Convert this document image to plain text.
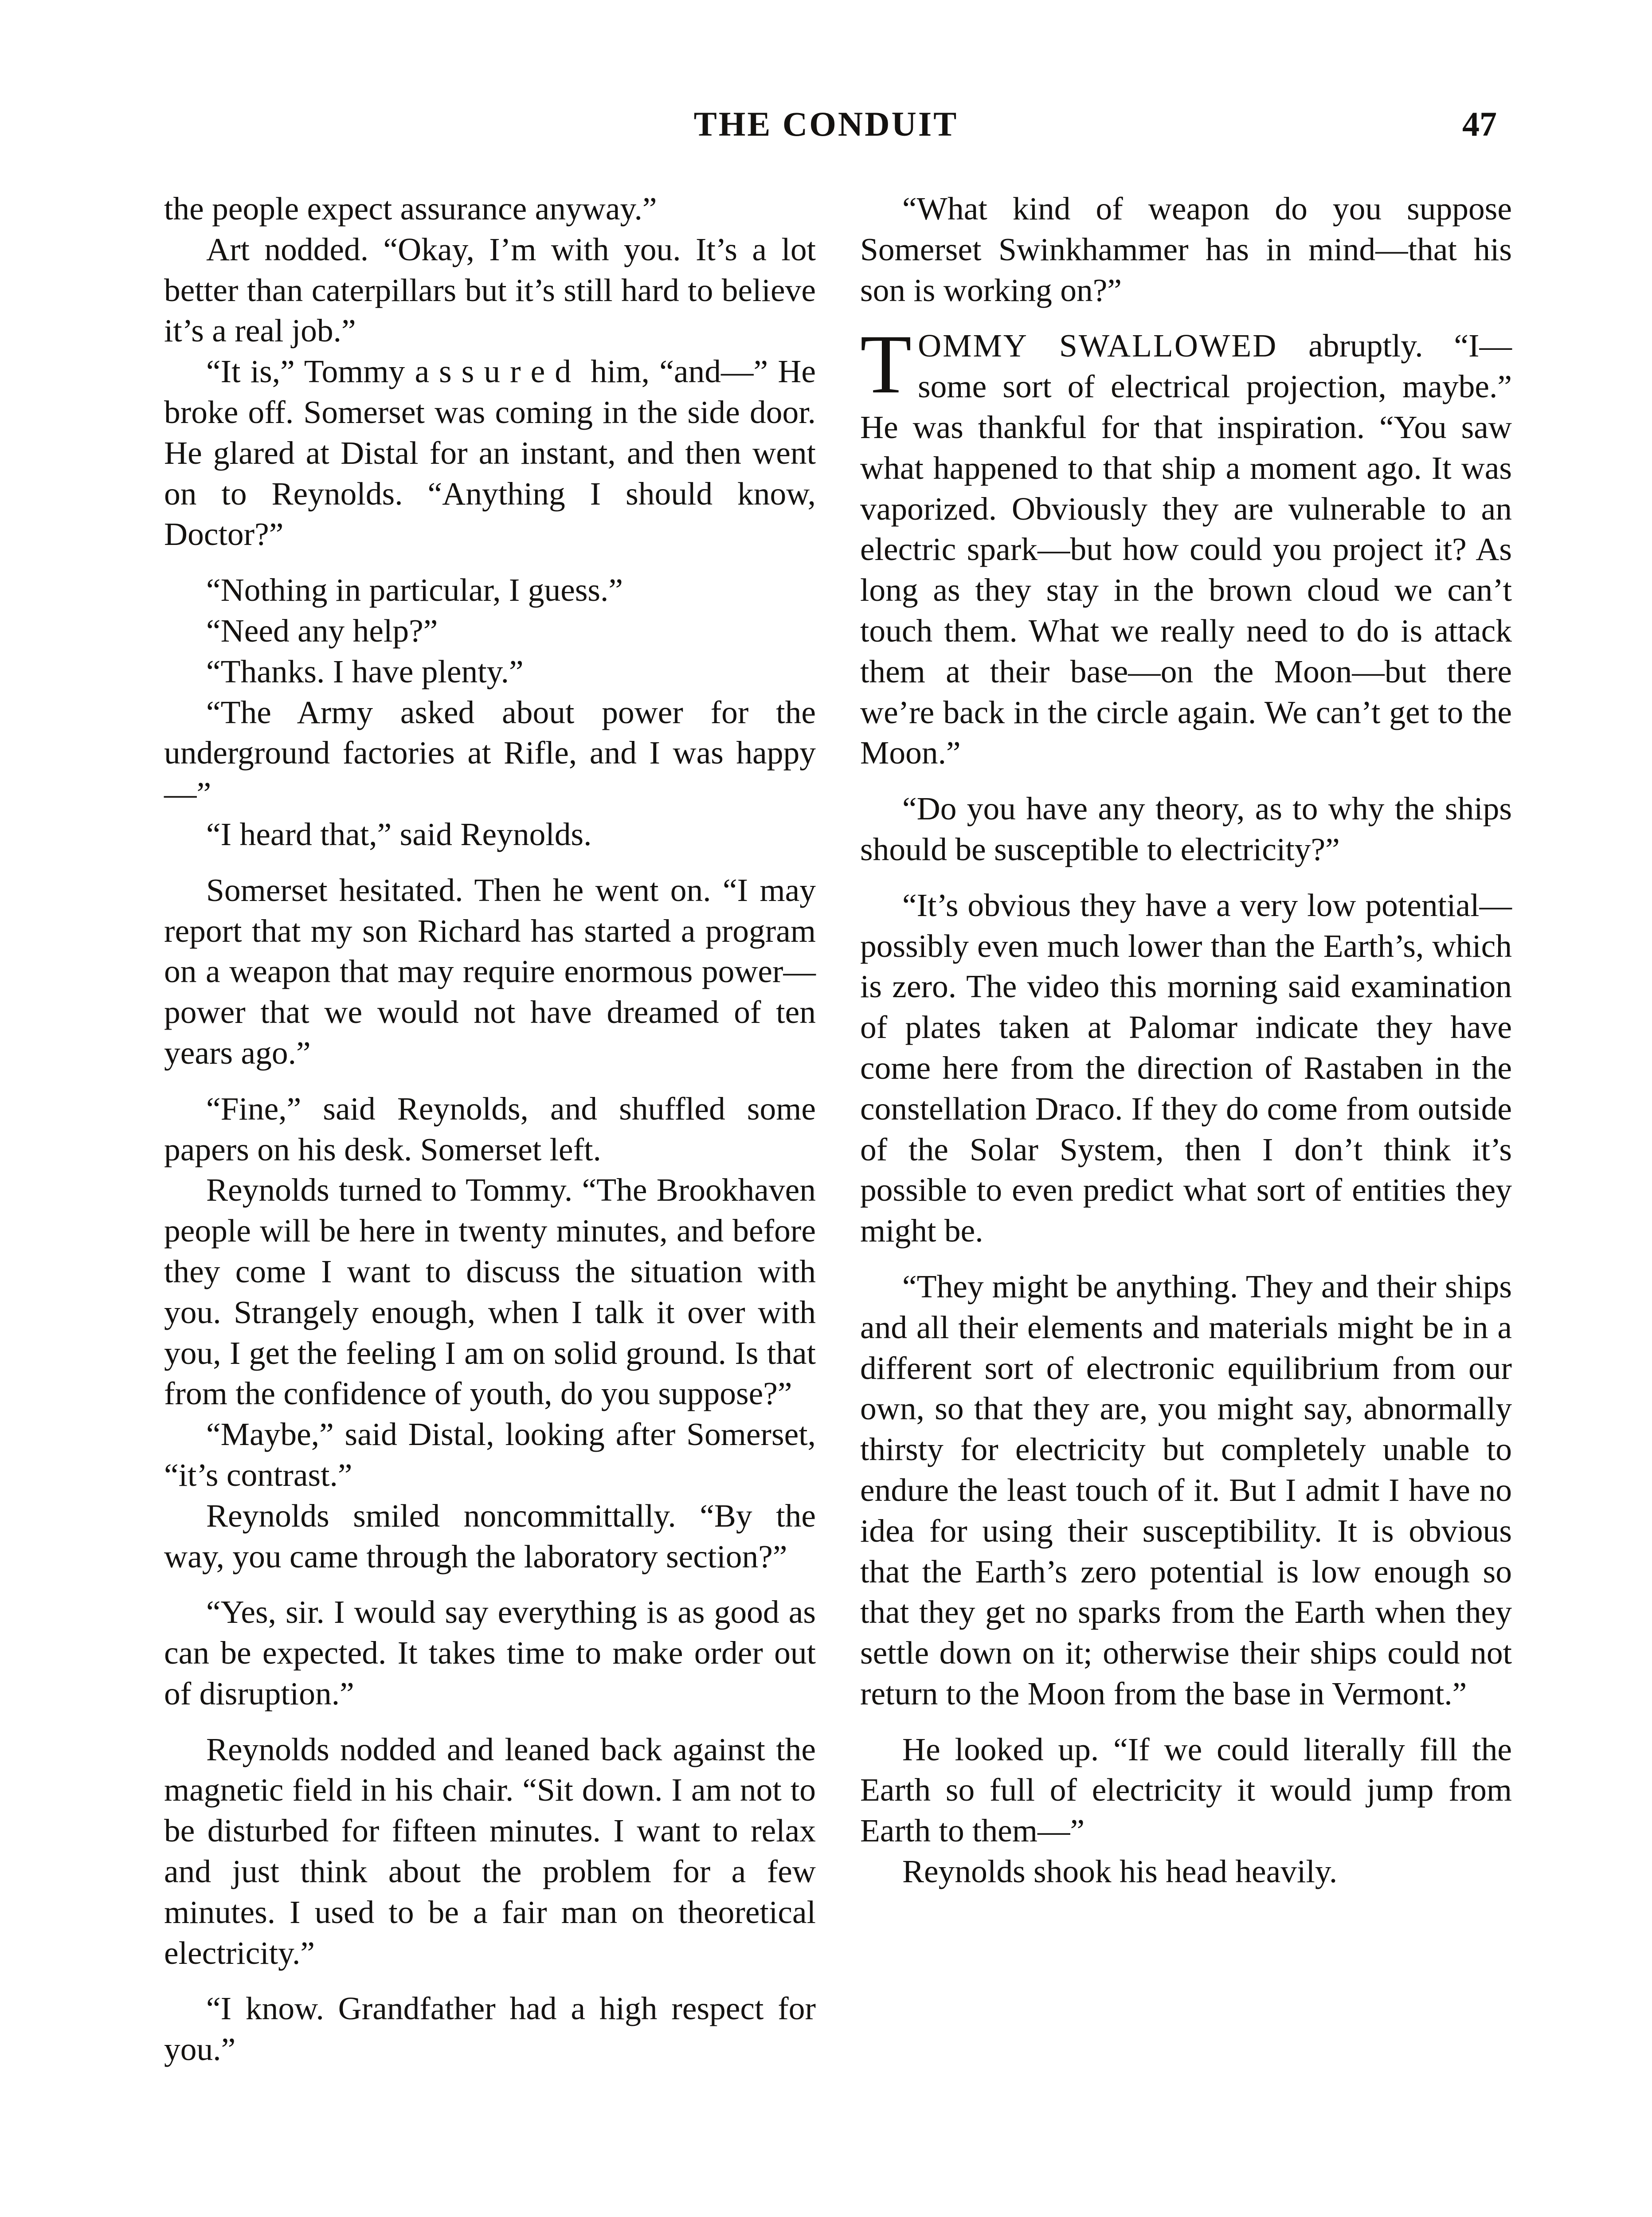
THE CONDUIT	47

the people expect assurance anyway.”

Art nodded. “Okay, I’m with you. It’s a lot better than caterpillars but it’s still hard to believe it’s a real job.”

“It is,” Tommy assured him, “and—” He broke off. Somerset was coming in the side door. He glared at Distal for an instant, and then went on to Reynolds. “Anything I should know, Doctor?”

“Nothing in particular, I guess.”

“Need any help?”

“Thanks. I have plenty.”

“The Army asked about power for the underground factories at Rifle, and I was happy—”

“I heard that,” said Reynolds.

Somerset hesitated. Then he went on. “I may report that my son Richard has started a program on a weapon that may require enormous power—power that we would not have dreamed of ten years ago.”

“Fine,” said Reynolds, and shuffled some papers on his desk. Somerset left.

Reynolds turned to Tommy. “The Brookhaven people will be here in twenty minutes, and before they come I want to discuss the situation with you. Strangely enough, when I talk it over with you, I get the feeling I am on solid ground. Is that from the confidence of youth, do you suppose?”

“Maybe,” said Distal, looking after Somerset, “it’s contrast.”

Reynolds smiled noncommittally. “By the way, you came through the laboratory section?”

“Yes, sir. I would say everything is as good as can be expected. It takes time to make order out of disruption.”

Reynolds nodded and leaned back against the magnetic field in his chair. “Sit down. I am not to be disturbed for fifteen minutes. I want to relax and just think about the problem for a few minutes. I used to be a fair man on theoretical electricity.”

“I know. Grandfather had a high respect for you.”

“What kind of weapon do you suppose Somerset Swinkhammer has in mind—that his son is working on?”

TOMMY SWALLOWED abruptly. “I—some sort of electrical projection, maybe.” He was thankful for that inspiration. “You saw what happened to that ship a moment ago. It was vaporized. Obviously they are vulnerable to an electric spark—but how could you project it? As long as they stay in the brown cloud we can’t touch them. What we really need to do is attack them at their base—on the Moon—but there we’re back in the circle again. We can’t get to the Moon.”

“Do you have any theory, as to why the ships should be susceptible to electricity?”

“It’s obvious they have a very low potential—possibly even much lower than the Earth’s, which is zero. The video this morning said examination of plates taken at Palomar indicate they have come here from the direction of Rastaben in the constellation Draco. If they do come from outside of the Solar System, then I don’t think it’s possible to even predict what sort of entities they might be.

“They might be anything. They and their ships and all their elements and materials might be in a different sort of electronic equilibrium from our own, so that they are, you might say, abnormally thirsty for electricity but completely unable to endure the least touch of it. But I admit I have no idea for using their susceptibility. It is obvious that the Earth’s zero potential is low enough so that they get no sparks from the Earth when they settle down on it; otherwise their ships could not return to the Moon from the base in Vermont.”

He looked up. “If we could literally fill the Earth so full of electricity it would jump from Earth to them—”

Reynolds shook his head heavily.
